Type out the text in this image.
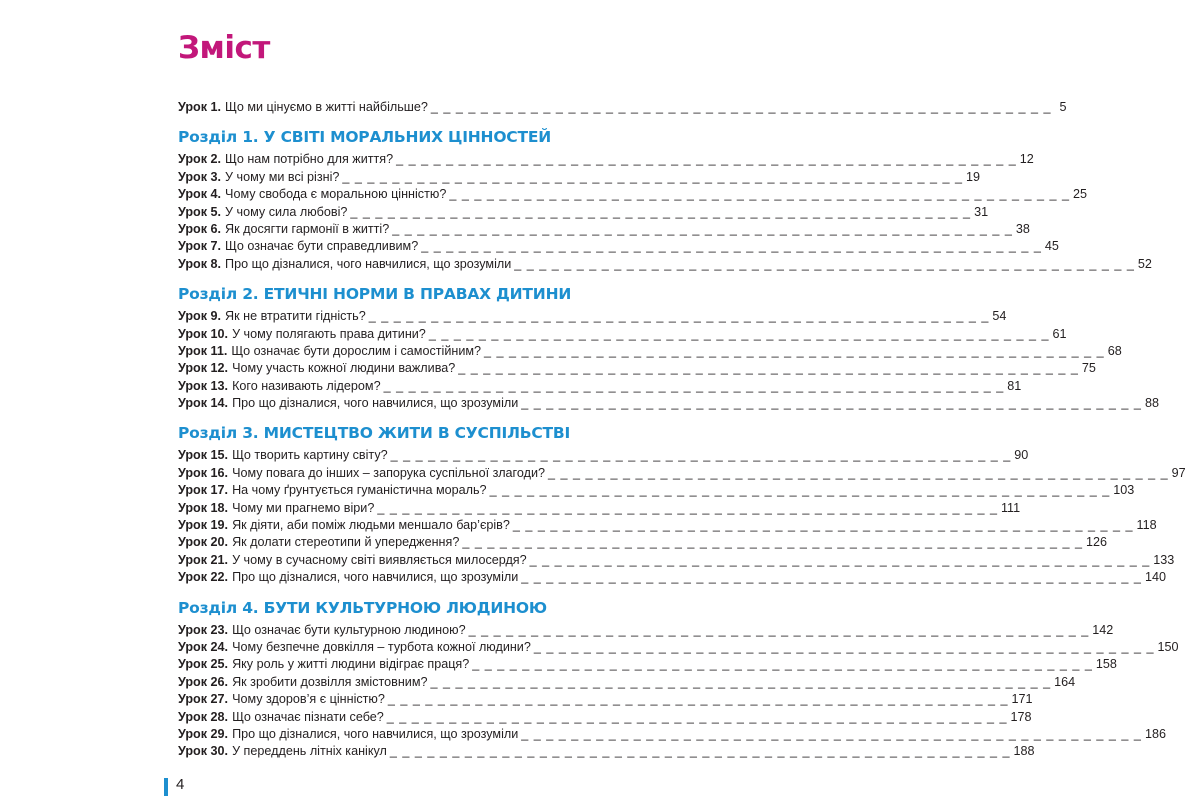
Зміст
Урок 1. Що ми цінуємо в житті найбільше? _ _ _ _ _ _ _ _ _ _ _ _ _ _ _ _ _ _ _ _ _ _ _ _ _ _ _ _ _ _ _ _ _ _ _ _ _ _ _ _ _ _ _ _ _ _ _ _ _ _ 5
Розділ 1. У СВІТІ МОРАЛЬНИХ ЦІННОСТЕЙ
Урок 2. Що нам потрібно для життя? _ _ _ _ _ _ _ _ _ _ _ _ _ _ _ _ _ _ _ _ _ _ _ _ _ _ _ _ _ _ _ _ _ _ _ _ _ _ _ _ _ _ _ _ _ _ _ _ _ _ 12
Урок 3. У чому ми всі різні? _ _ _ _ _ _ _ _ _ _ _ _ _ _ _ _ _ _ _ _ _ _ _ _ _ _ _ _ _ _ _ _ _ _ _ _ _ _ _ _ _ _ _ _ _ _ _ _ _ _ 19
Урок 4. Чому свобода є моральною цінністю? _ _ _ _ _ _ _ _ _ _ _ _ _ _ _ _ _ _ _ _ _ _ _ _ _ _ _ _ _ _ _ _ _ _ _ _ _ _ _ _ _ _ _ _ _ _ _ _ _ _ 25
Урок 5. У чому сила любові? _ _ _ _ _ _ _ _ _ _ _ _ _ _ _ _ _ _ _ _ _ _ _ _ _ _ _ _ _ _ _ _ _ _ _ _ _ _ _ _ _ _ _ _ _ _ _ _ _ _ 31
Урок 6. Як досягти гармонії в житті? _ _ _ _ _ _ _ _ _ _ _ _ _ _ _ _ _ _ _ _ _ _ _ _ _ _ _ _ _ _ _ _ _ _ _ _ _ _ _ _ _ _ _ _ _ _ _ _ _ _ 38
Урок 7. Що означає бути справедливим? _ _ _ _ _ _ _ _ _ _ _ _ _ _ _ _ _ _ _ _ _ _ _ _ _ _ _ _ _ _ _ _ _ _ _ _ _ _ _ _ _ _ _ _ _ _ _ _ _ _ 45
Урок 8. Про що дізналися, чого навчилися, що зрозуміли _ _ _ _ _ _ _ _ _ _ _ _ _ _ _ _ _ _ _ _ _ _ _ _ _ _ _ _ _ _ _ _ _ _ _ _ _ _ _ _ _ _ _ _ _ _ _ _ _ _ 52
Розділ 2. ЕТИЧНІ НОРМИ В ПРАВАХ ДИТИНИ
Урок 9. Як не втратити гідність? _ _ _ _ _ _ _ _ _ _ _ _ _ _ _ _ _ _ _ _ _ _ _ _ _ _ _ _ _ _ _ _ _ _ _ _ _ _ _ _ _ _ _ _ _ _ _ _ _ _ 54
Урок 10. У чому полягають права дитини? _ _ _ _ _ _ _ _ _ _ _ _ _ _ _ _ _ _ _ _ _ _ _ _ _ _ _ _ _ _ _ _ _ _ _ _ _ _ _ _ _ _ _ _ _ _ _ _ _ _ 61
Урок 11. Що означає бути дорослим і самостійним? _ _ _ _ _ _ _ _ _ _ _ _ _ _ _ _ _ _ _ _ _ _ _ _ _ _ _ _ _ _ _ _ _ _ _ _ _ _ _ _ _ _ _ _ _ _ _ _ _ _ 68
Урок 12. Чому участь кожної людини важлива? _ _ _ _ _ _ _ _ _ _ _ _ _ _ _ _ _ _ _ _ _ _ _ _ _ _ _ _ _ _ _ _ _ _ _ _ _ _ _ _ _ _ _ _ _ _ _ _ _ _ 75
Урок 13. Кого називають лідером? _ _ _ _ _ _ _ _ _ _ _ _ _ _ _ _ _ _ _ _ _ _ _ _ _ _ _ _ _ _ _ _ _ _ _ _ _ _ _ _ _ _ _ _ _ _ _ _ _ _ 81
Урок 14. Про що дізналися, чого навчилися, що зрозуміли _ _ _ _ _ _ _ _ _ _ _ _ _ _ _ _ _ _ _ _ _ _ _ _ _ _ _ _ _ _ _ _ _ _ _ _ _ _ _ _ _ _ _ _ _ _ _ _ _ _ 88
Розділ 3. МИСТЕЦТВО ЖИТИ В СУСПІЛЬСТВІ
Урок 15. Що творить картину світу? _ _ _ _ _ _ _ _ _ _ _ _ _ _ _ _ _ _ _ _ _ _ _ _ _ _ _ _ _ _ _ _ _ _ _ _ _ _ _ _ _ _ _ _ _ _ _ _ _ _ 90
Урок 16. Чому повага до інших – запорука суспільної злагоди? _ _ _ _ _ _ _ _ _ _ _ _ _ _ _ _ _ _ _ _ _ _ _ _ _ _ _ _ _ _ _ _ _ _ _ _ _ _ _ _ _ _ _ _ _ _ _ _ _ _ 97
Урок 17. На чому ґрунтується гуманістична мораль? _ _ _ _ _ _ _ _ _ _ _ _ _ _ _ _ _ _ _ _ _ _ _ _ _ _ _ _ _ _ _ _ _ _ _ _ _ _ _ _ _ _ _ _ _ _ _ _ _ _ 103
Урок 18. Чому ми прагнемо віри? _ _ _ _ _ _ _ _ _ _ _ _ _ _ _ _ _ _ _ _ _ _ _ _ _ _ _ _ _ _ _ _ _ _ _ _ _ _ _ _ _ _ _ _ _ _ _ _ _ _ 111
Урок 19. Як діяти, аби поміж людьми меншало бар’єрів? _ _ _ _ _ _ _ _ _ _ _ _ _ _ _ _ _ _ _ _ _ _ _ _ _ _ _ _ _ _ _ _ _ _ _ _ _ _ _ _ _ _ _ _ _ _ _ _ _ _ 118
Урок 20. Як долати стереотипи й упередження? _ _ _ _ _ _ _ _ _ _ _ _ _ _ _ _ _ _ _ _ _ _ _ _ _ _ _ _ _ _ _ _ _ _ _ _ _ _ _ _ _ _ _ _ _ _ _ _ _ _ 126
Урок 21. У чому в сучасному світі виявляється милосердя? _ _ _ _ _ _ _ _ _ _ _ _ _ _ _ _ _ _ _ _ _ _ _ _ _ _ _ _ _ _ _ _ _ _ _ _ _ _ _ _ _ _ _ _ _ _ _ _ _ _ 133
Урок 22. Про що дізналися, чого навчилися, що зрозуміли _ _ _ _ _ _ _ _ _ _ _ _ _ _ _ _ _ _ _ _ _ _ _ _ _ _ _ _ _ _ _ _ _ _ _ _ _ _ _ _ _ _ _ _ _ _ _ _ _ _ 140
Розділ 4. БУТИ КУЛЬТУРНОЮ ЛЮДИНОЮ
Урок 23. Що означає бути культурною людиною? _ _ _ _ _ _ _ _ _ _ _ _ _ _ _ _ _ _ _ _ _ _ _ _ _ _ _ _ _ _ _ _ _ _ _ _ _ _ _ _ _ _ _ _ _ _ _ _ _ _ 142
Урок 24. Чому безпечне довкілля – турбота кожної людини? _ _ _ _ _ _ _ _ _ _ _ _ _ _ _ _ _ _ _ _ _ _ _ _ _ _ _ _ _ _ _ _ _ _ _ _ _ _ _ _ _ _ _ _ _ _ _ _ _ _ 150
Урок 25. Яку роль у житті людини відіграє праця? _ _ _ _ _ _ _ _ _ _ _ _ _ _ _ _ _ _ _ _ _ _ _ _ _ _ _ _ _ _ _ _ _ _ _ _ _ _ _ _ _ _ _ _ _ _ _ _ _ _ 158
Урок 26. Як зробити дозвілля змістовним? _ _ _ _ _ _ _ _ _ _ _ _ _ _ _ _ _ _ _ _ _ _ _ _ _ _ _ _ _ _ _ _ _ _ _ _ _ _ _ _ _ _ _ _ _ _ _ _ _ _ 164
Урок 27. Чому здоров’я є цінністю? _ _ _ _ _ _ _ _ _ _ _ _ _ _ _ _ _ _ _ _ _ _ _ _ _ _ _ _ _ _ _ _ _ _ _ _ _ _ _ _ _ _ _ _ _ _ _ _ _ _ 171
Урок 28. Що означає пізнати себе? _ _ _ _ _ _ _ _ _ _ _ _ _ _ _ _ _ _ _ _ _ _ _ _ _ _ _ _ _ _ _ _ _ _ _ _ _ _ _ _ _ _ _ _ _ _ _ _ _ _ 178
Урок 29. Про що дізналися, чого навчилися, що зрозуміли _ _ _ _ _ _ _ _ _ _ _ _ _ _ _ _ _ _ _ _ _ _ _ _ _ _ _ _ _ _ _ _ _ _ _ _ _ _ _ _ _ _ _ _ _ _ _ _ _ _ 186
Урок 30. У переддень літніх канікул _ _ _ _ _ _ _ _ _ _ _ _ _ _ _ _ _ _ _ _ _ _ _ _ _ _ _ _ _ _ _ _ _ _ _ _ _ _ _ _ _ _ _ _ _ _ _ _ _ _ 188
4
